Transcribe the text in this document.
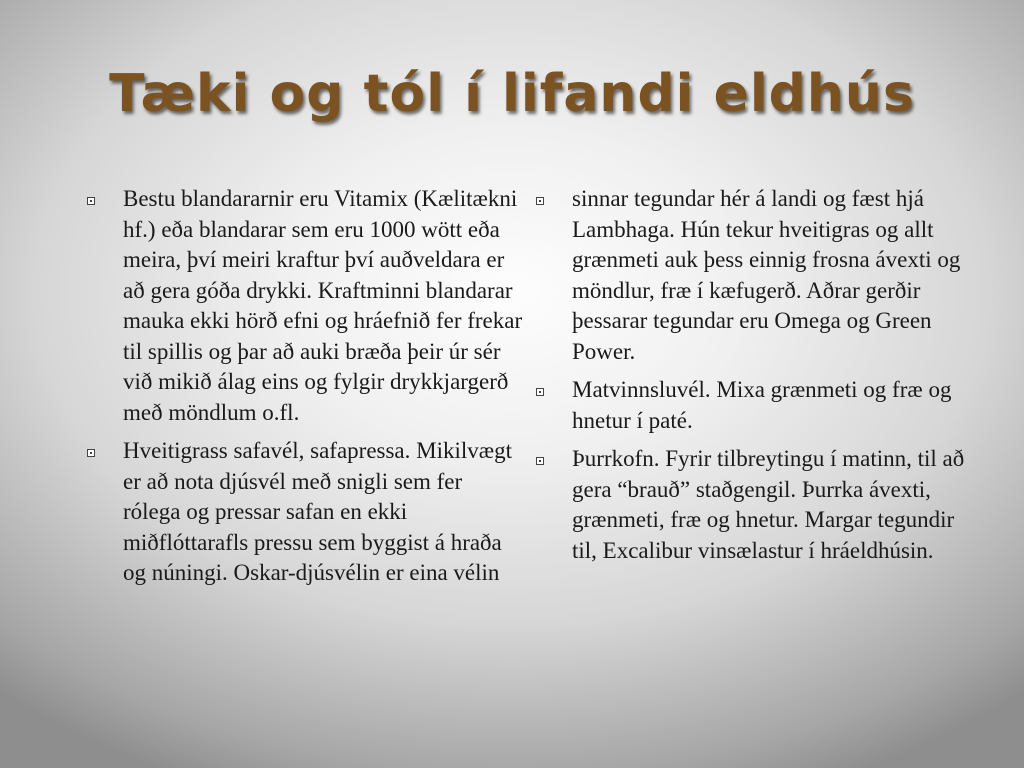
Tæki og tól í lifandi eldhús
Bestu blandararnir eru Vitamix (Kælitækni hf.) eða blandarar sem eru 1000 wött eða meira, því meiri kraftur því auðveldara er að gera góða drykki. Kraftminni blandarar mauka ekki hörð efni og hráefnið fer frekar til spillis og þar að auki bræða þeir úr sér við mikið álag eins og fylgir drykkjargerð með möndlum o.fl.
Hveitigrass safavél, safapressa. Mikilvægt er að nota djúsvél með snigli sem fer rólega og pressar safan en ekki miðflóttarafls pressu sem byggist á hraða og núningi. Oskar-djúsvélin er eina vélin
sinnar tegundar hér á landi og fæst hjá Lambhaga. Hún tekur hveitigras og allt grænmeti auk þess einnig frosna ávexti og möndlur, fræ í kæfugerð. Aðrar gerðir þessarar tegundar eru Omega og Green Power.
Matvinnsluvél. Mixa grænmeti og fræ og hnetur í paté.
Þurrkofn. Fyrir tilbreytingu í matinn, til að gera “brauð” staðgengil. Þurrka ávexti, grænmeti, fræ og hnetur. Margar tegundir til, Excalibur vinsælastur í hráeldhúsin.
